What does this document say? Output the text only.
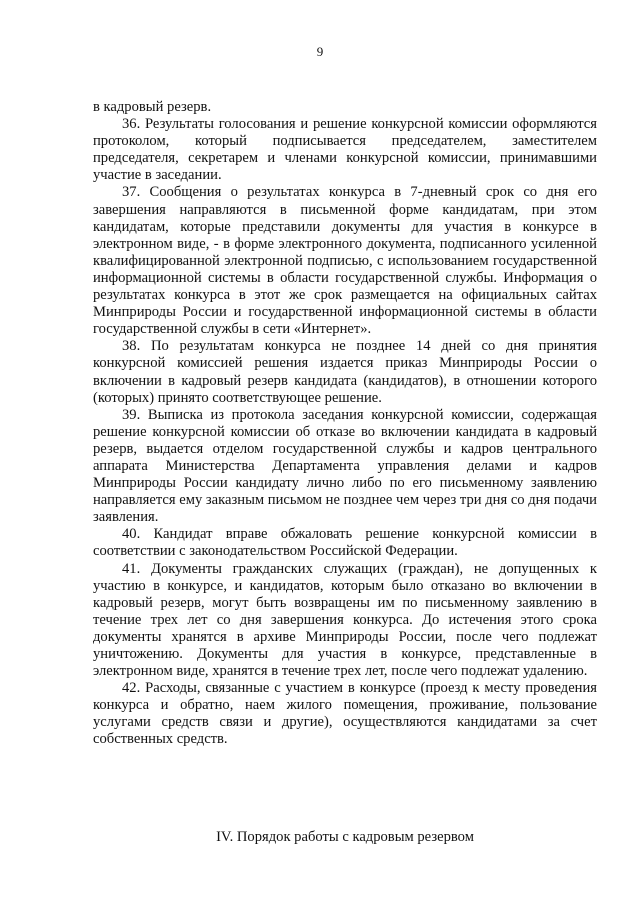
9

в кадровый резерв.

36. Результаты голосования и решение конкурсной комиссии оформляются протоколом, который подписывается председателем, заместителем председателя, секретарем и членами конкурсной комиссии, принимавшими участие в заседании.

37. Сообщения о результатах конкурса в 7-дневный срок со дня его завершения направляются в письменной форме кандидатам, при этом кандидатам, которые представили документы для участия в конкурсе в электронном виде, - в форме электронного документа, подписанного усиленной квалифицированной электронной подписью, с использованием государственной информационной системы в области государственной службы. Информация о результатах конкурса в этот же срок размещается на официальных сайтах Минприроды России и государственной информационной системы в области государственной службы в сети «Интернет».

38. По результатам конкурса не позднее 14 дней со дня принятия конкурсной комиссией решения издается приказ Минприроды России о включении в кадровый резерв кандидата (кандидатов), в отношении которого (которых) принято соответствующее решение.

39. Выписка из протокола заседания конкурсной комиссии, содержащая решение конкурсной комиссии об отказе во включении кандидата в кадровый резерв, выдается отделом государственной службы и кадров центрального аппарата Министерства Департамента управления делами и кадров Минприроды России кандидату лично либо по его письменному заявлению направляется ему заказным письмом не позднее чем через три дня со дня подачи заявления.

40. Кандидат вправе обжаловать решение конкурсной комиссии в соответствии с законодательством Российской Федерации.

41. Документы гражданских служащих (граждан), не допущенных к участию в конкурсе, и кандидатов, которым было отказано во включении в кадровый резерв, могут быть возвращены им по письменному заявлению в течение трех лет со дня завершения конкурса. До истечения этого срока документы хранятся в архиве Минприроды России, после чего подлежат уничтожению. Документы для участия в конкурсе, представленные в электронном виде, хранятся в течение трех лет, после чего подлежат удалению.

42. Расходы, связанные с участием в конкурсе (проезд к месту проведения конкурса и обратно, наем жилого помещения, проживание, пользование услугами средств связи и другие), осуществляются кандидатами за счет собственных средств.

IV. Порядок работы с кадровым резервом
